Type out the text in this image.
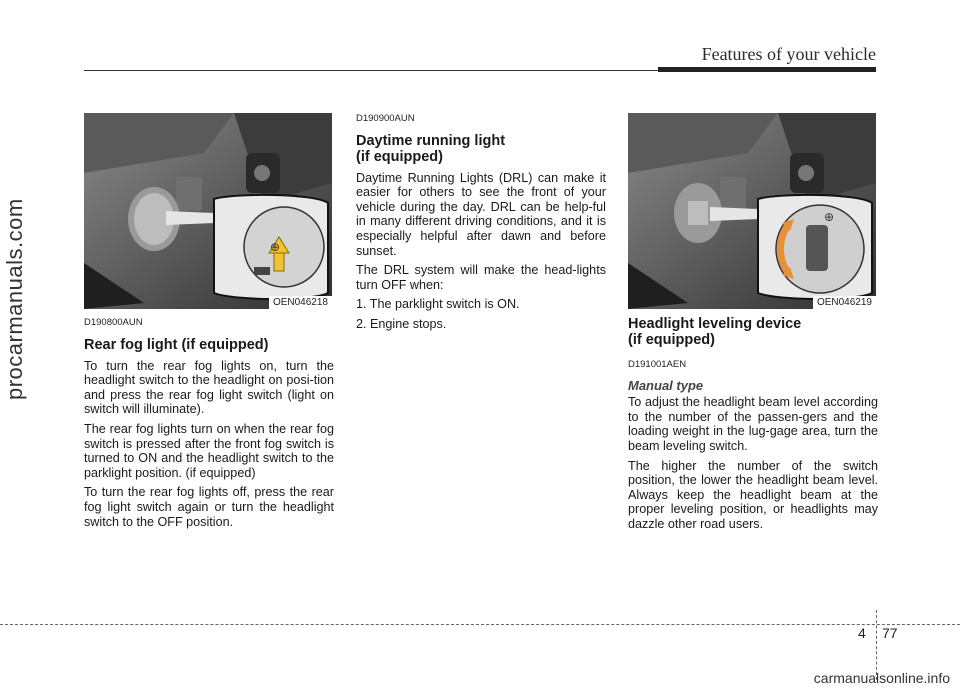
Features of your vehicle
procarmanuals.com	⊕
OEN046218
⊕
OEN046219
D190800AUN
Rear fog light (if equipped)

To turn the rear fog lights on, turn the headlight switch to the headlight on posi-tion and press the rear fog light switch (light on switch will illuminate).

The rear fog lights turn on when the rear fog switch is pressed after the front fog switch is turned to ON and the headlight switch to the parklight position. (if equipped)

To turn the rear fog lights off, press the rear fog light switch again or turn the headlight switch to the OFF position.

D190900AUN
Daytime running light
(if equipped)

Daytime Running Lights (DRL) can make it easier for others to see the front of your vehicle during the day. DRL can be help-ful in many different driving conditions, and it is especially helpful after dawn and before sunset.

The DRL system will make the head-lights turn OFF when:

1. The parklight switch is ON.

2. Engine stops.	Headlight leveling device
(if equipped)
D191001AEN
Manual type

To adjust the headlight beam level according to the number of the passen-gers and the loading weight in the lug-gage area, turn the beam leveling switch.

The higher the number of the switch position, the lower the headlight beam level. Always keep the headlight beam at the proper leveling position, or headlights may dazzle other road users.

4 77
carmanualsonline.info
